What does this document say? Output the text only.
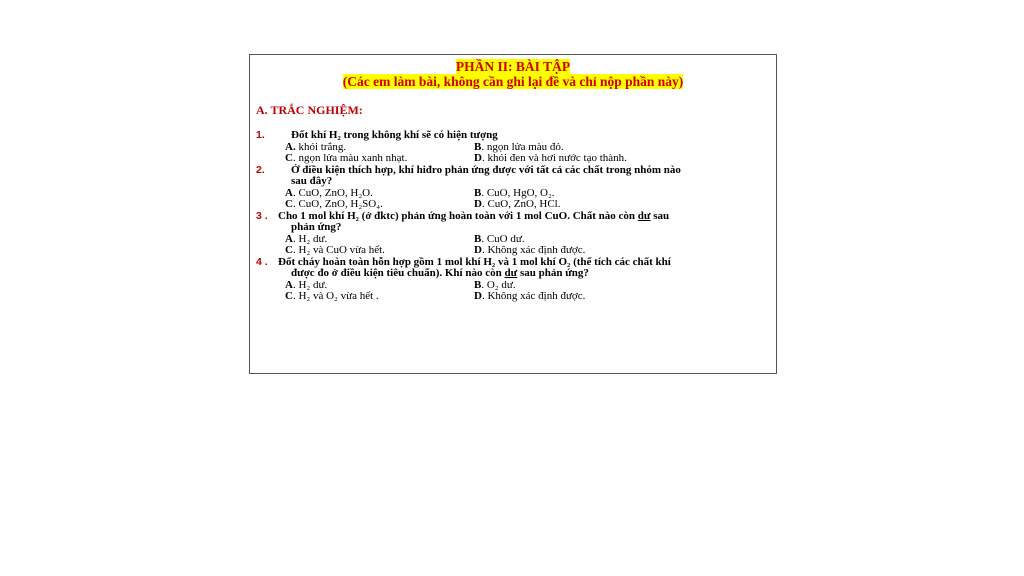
PHẦN II: BÀI TẬP
(Các em làm bài, không cần ghi lại đề và chỉ nộp phần này)
A. TRẮC NGHIỆM:
1. Đốt khí H₂ trong không khí sẽ có hiện tượng
A. khói trắng.	B. ngọn lửa màu đỏ.
C. ngọn lửa màu xanh nhạt.	D. khói đen và hơi nước tạo thành.
2. Ở điều kiện thích hợp, khí hiđro phản ứng được với tất cả các chất trong nhóm nào
sau đây?
A. CuO, ZnO, H₂O.	B. CuO, HgO, O₂.
C. CuO, ZnO, H₂SO₄.	D. CuO, ZnO, HCl.
3 . Cho 1 mol khí H₂ (ở đktc) phản ứng hoàn toàn với 1 mol CuO. Chất nào còn dư sau
phản ứng?
A. H₂ dư.	B. CuO dư.
C. H₂ và CuO vừa hết.	D. Không xác định được.
4 . Đốt cháy hoàn toàn hỗn hợp gồm 1 mol khí H₂ và 1 mol khí O₂ (thể tích các chất khí
được đo ở điều kiện tiêu chuẩn). Khí nào còn dư sau phản ứng?
A. H₂ dư.	B. O₂ dư.
C. H₂ và O₂ vừa hết .	D. Không xác định được.
